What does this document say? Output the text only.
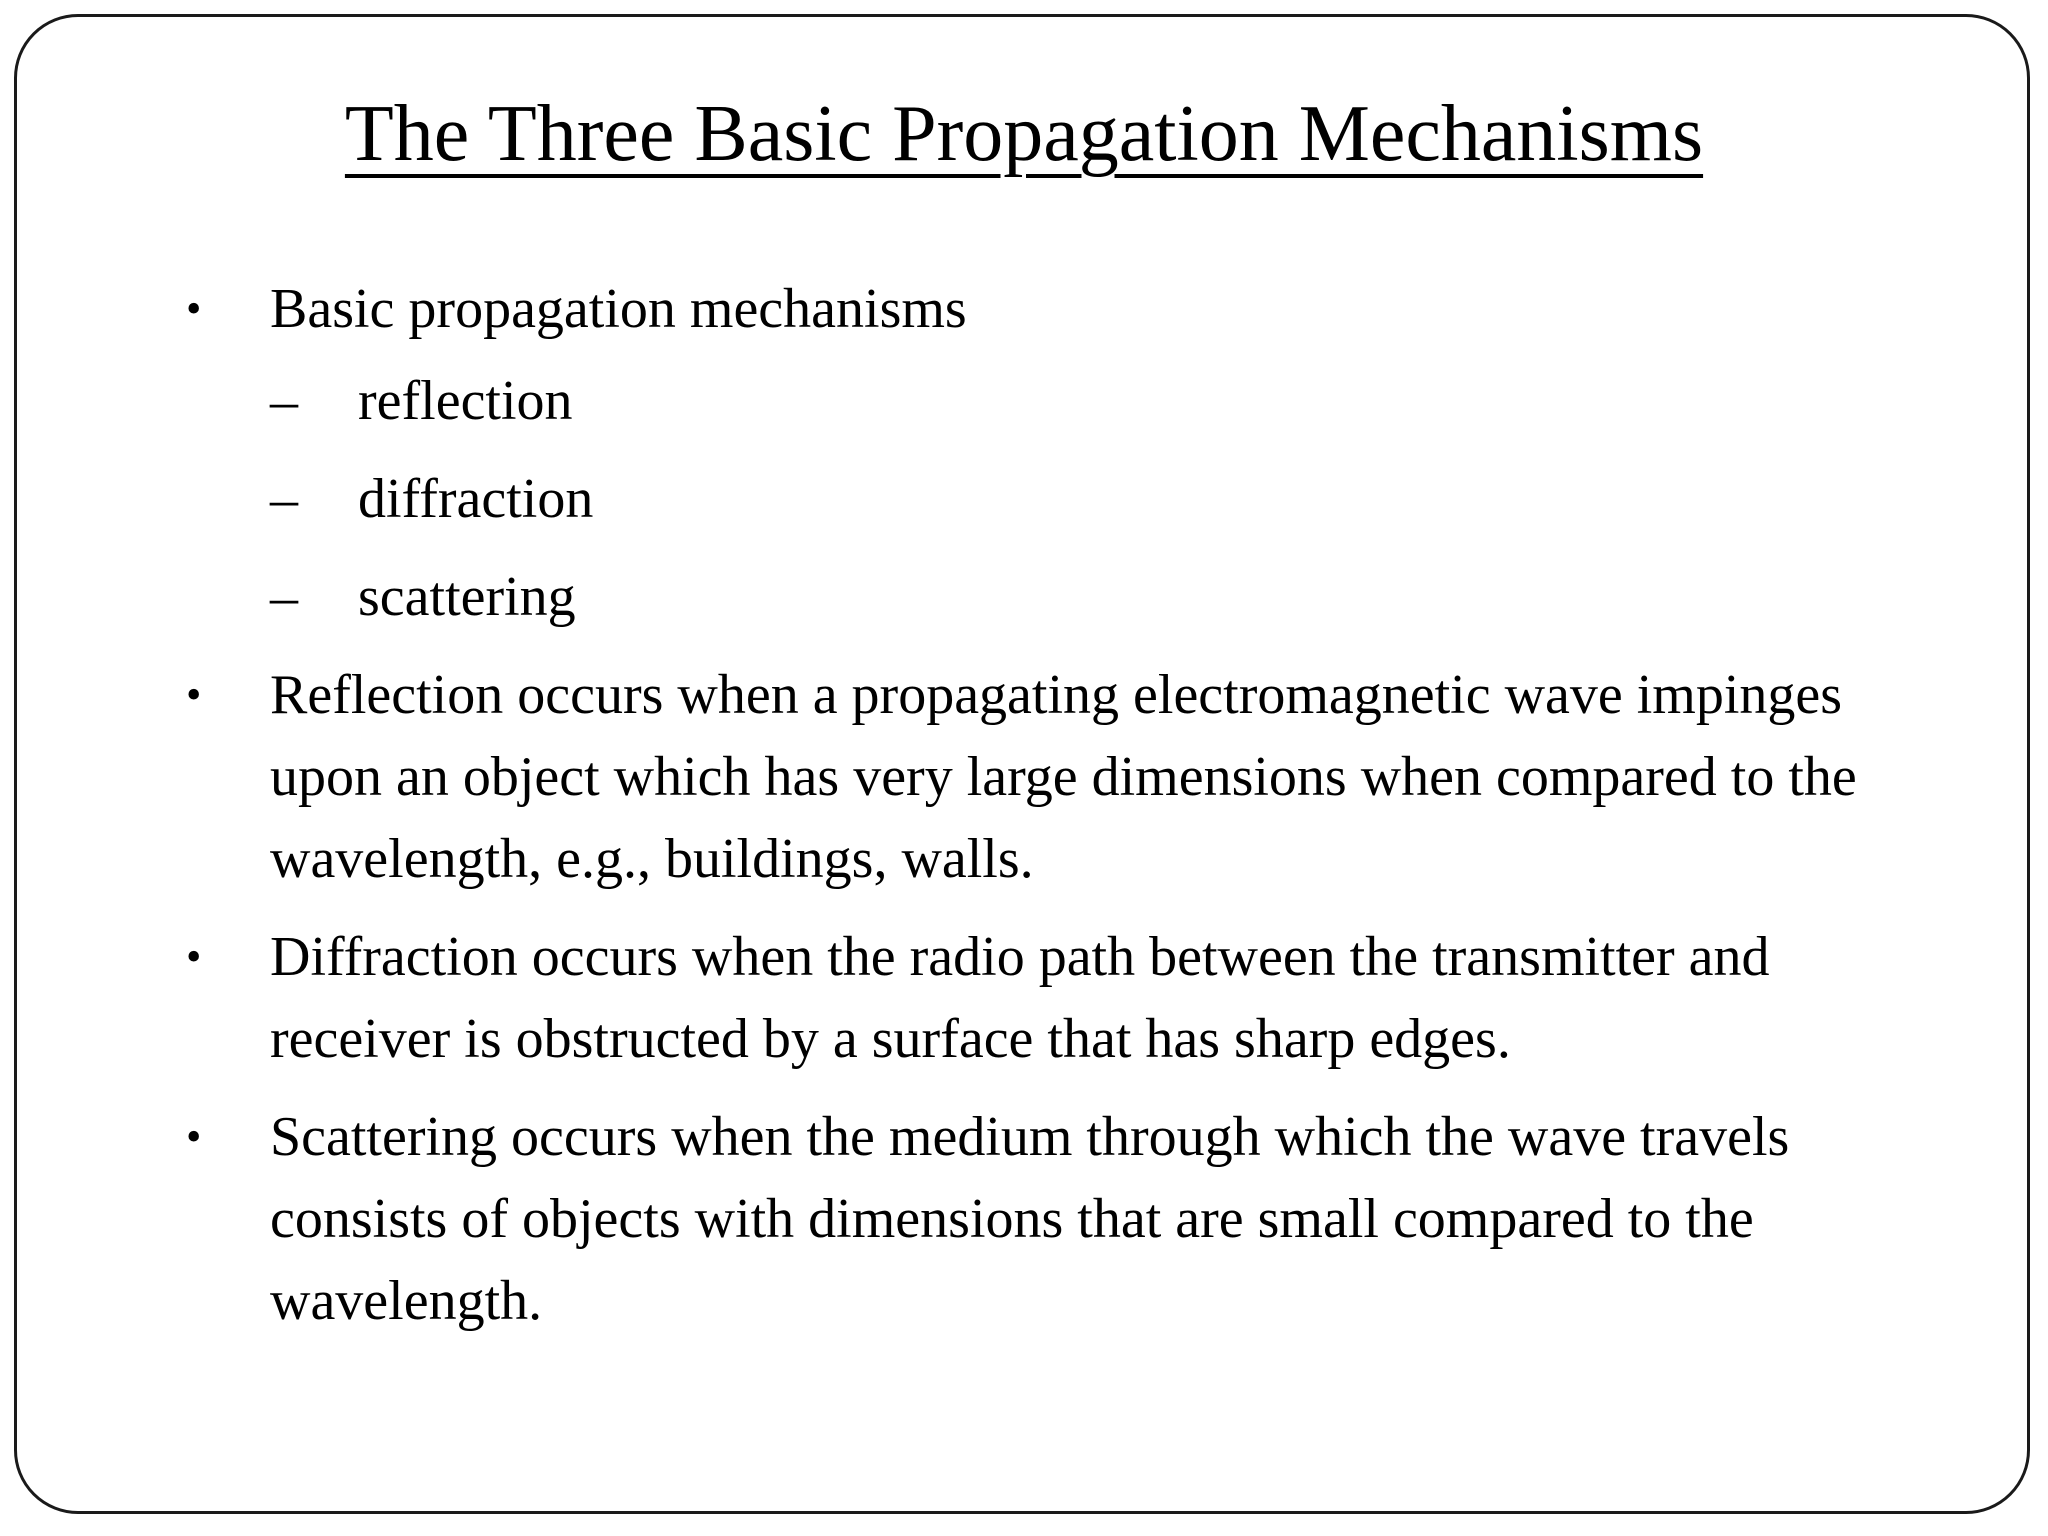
The Three Basic Propagation Mechanisms
• Basic propagation mechanisms
– reflection
– diffraction
– scattering
• Reflection occurs when a propagating electromagnetic wave impinges upon an object which has very large dimensions when compared to the wavelength, e.g., buildings, walls.
• Diffraction occurs when the radio path between the transmitter and receiver is obstructed by a surface that has sharp edges.
• Scattering occurs when the medium through which the wave travels consists of objects with dimensions that are small compared to the wavelength.
